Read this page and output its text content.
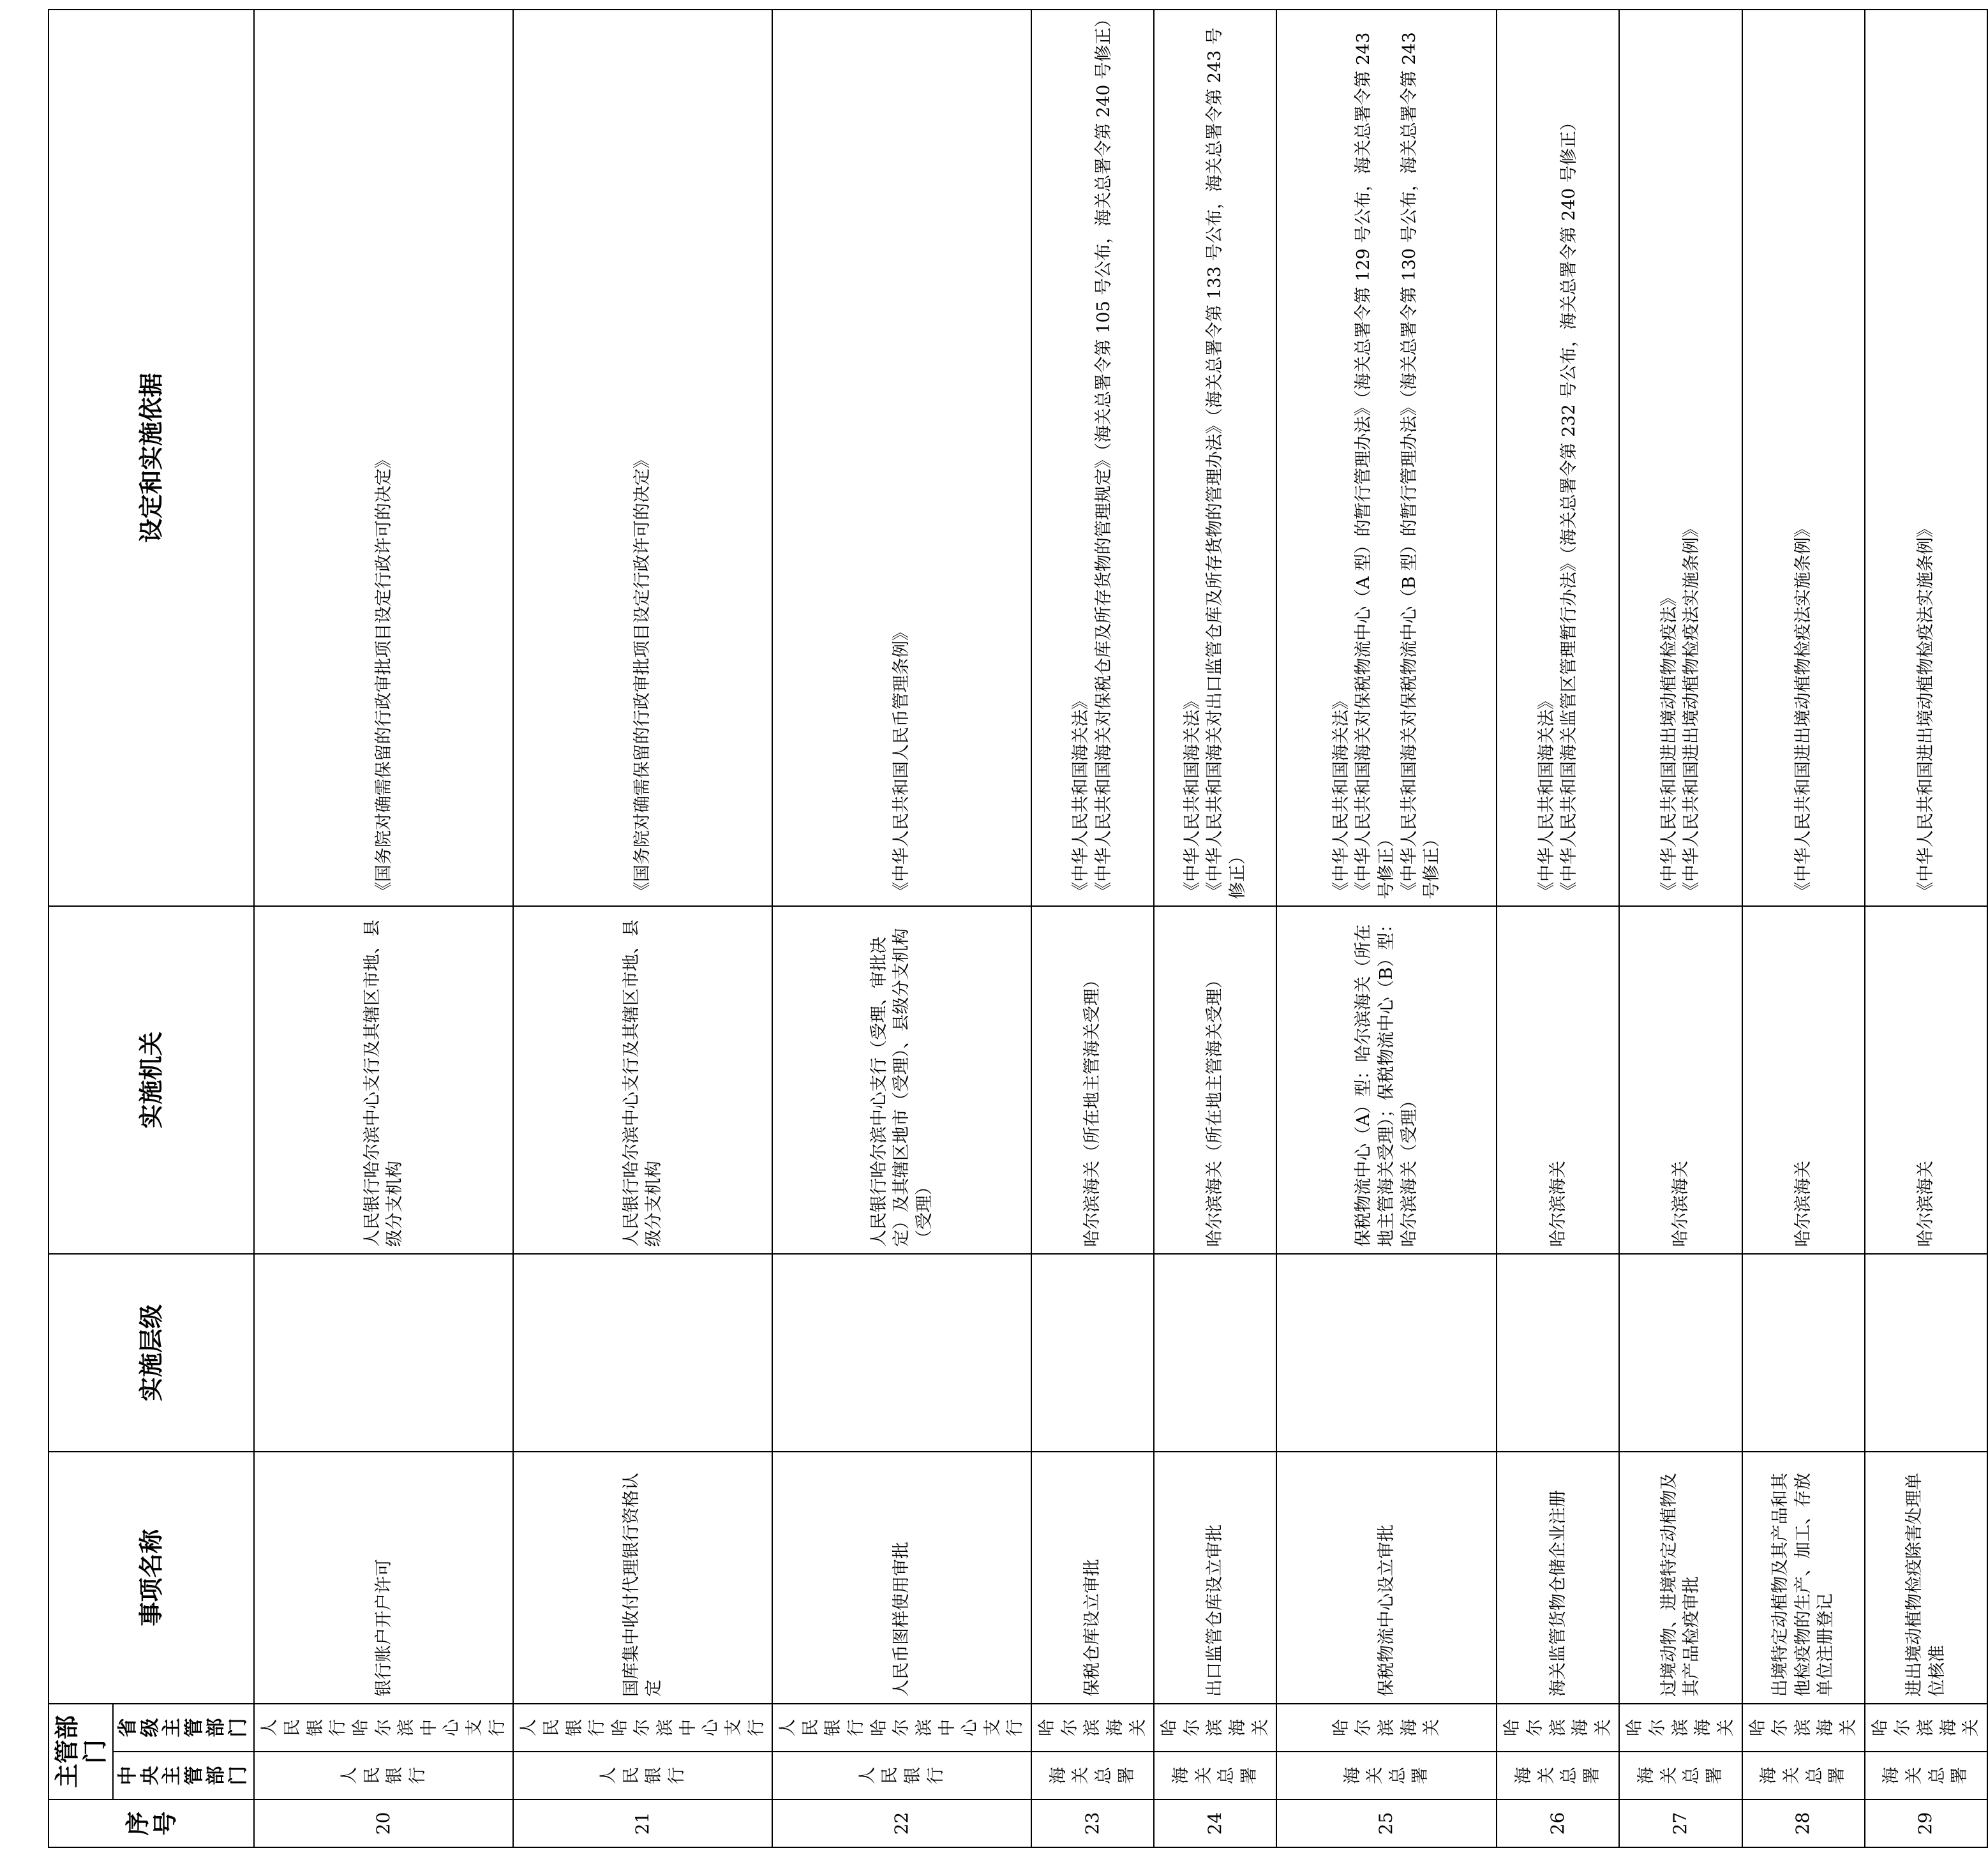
序号	主管部门		事项名称	实施层级	实施机关	设定和实施依据
	中央主管部门	省级主管部门				
20	人民银行	人民银行哈尔滨中心支行	银行账户开户许可		人民银行哈尔滨中心支行及其辖区市地、县级分支机构	《国务院对确需保留的行政审批项目设定行政许可的决定》

21	人民银行	人民银行哈尔滨中心支行	国库集中收付代理银行资格认定		人民银行哈尔滨中心支行及其辖区市地、县级分支机构	《国务院对确需保留的行政审批项目设定行政许可的决定》

22	人民银行	人民银行哈尔滨中心支行	人民币图样使用审批		人民银行哈尔滨中心支行（受理、审批决定）及其辖区地市（受理）、县级分支机构（受理）	《中华人民共和国人民币管理条例》

23	海关总署	哈尔滨海关	保税仓库设立审批		哈尔滨海关（所在地主管海关受理）	《中华人民共和国海关法》 《中华人民共和国海关对保税仓库及所存货物的管理规定》（海关总署令第 105 号公布，海关总署令第 240 号修正）

24	海关总署	哈尔滨海关	出口监管仓库设立审批		哈尔滨海关（所在地主管海关受理）	《中华人民共和国海关法》 《中华人民共和国海关对出口监管仓库及所存货物的管理办法》（海关总署令第 133 号公布，海关总署令第 243 号修正）

25	海关总署	哈尔滨海关	保税物流中心设立审批		保税物流中心（A）型：哈尔滨海关（所在地主管海关受理）；保税物流中心（B）型：哈尔滨海关（受理）	《中华人民共和国海关法》 《中华人民共和国海关对保税物流中心（A 型）的暂行管理办法》（海关总署令第 129 号公布，海关总署令第 243 号修正） 《中华人民共和国海关对保税物流中心（B 型）的暂行管理办法》（海关总署令第 130 号公布，海关总署令第 243 号修正）

26	海关总署	哈尔滨海关	海关监管货物仓储企业注册		哈尔滨海关	《中华人民共和国海关法》 《中华人民共和国海关监管区管理暂行办法》（海关总署令第 232 号公布，海关总署令第 240 号修正）

27	海关总署	哈尔滨海关	过境动物、进境特定动植物及其产品检疫审批		哈尔滨海关	《中华人民共和国进出境动植物检疫法》 《中华人民共和国进出境动植物检疫法实施条例》

28	海关总署	哈尔滨海关	出境特定动植物及其产品和其他检疫物的生产、加工、存放单位注册登记		哈尔滨海关	《中华人民共和国进出境动植物检疫法实施条例》

29	海关总署	哈尔滨海关	进出境动植物检疫除害处理单位核准		哈尔滨海关	《中华人民共和国进出境动植物检疫法实施条例》
